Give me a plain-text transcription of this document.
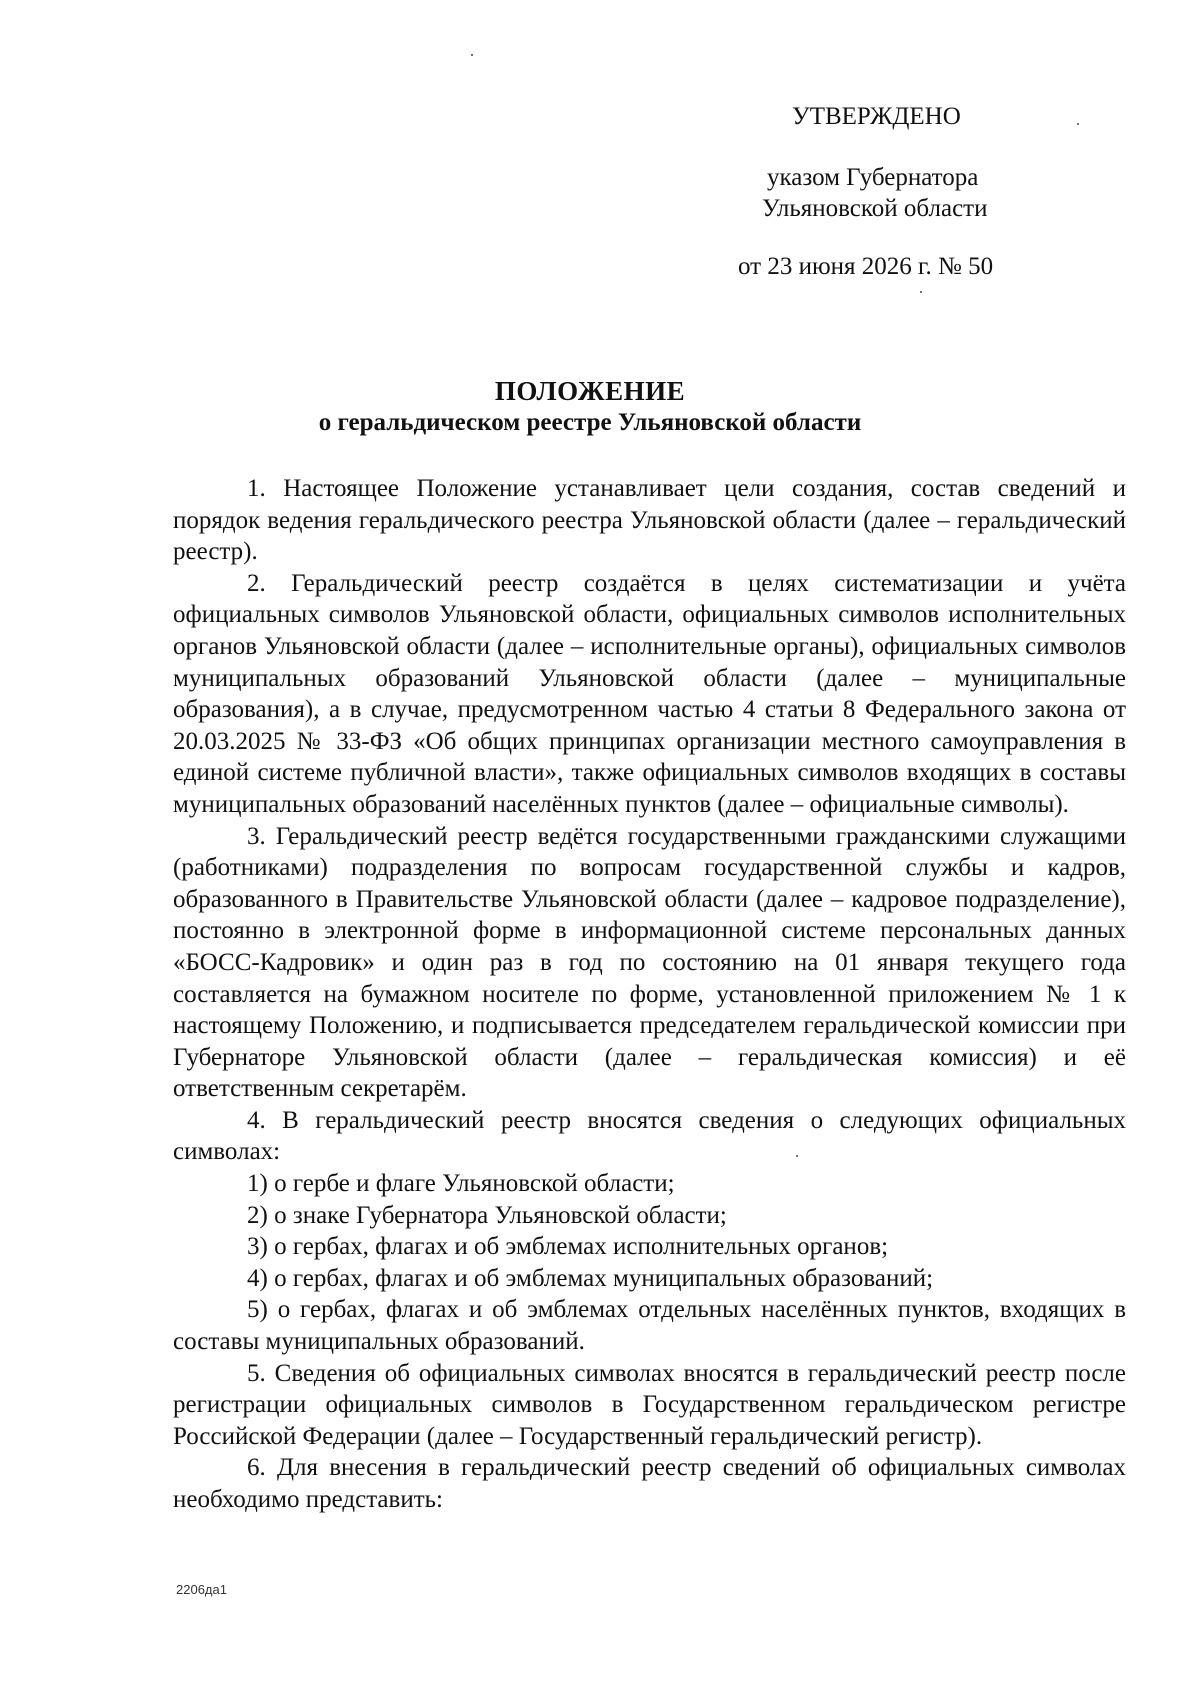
УТВЕРЖДЕНО
указом Губернатора
Ульяновской области
от 23 июня 2026 г. № 50
ПОЛОЖЕНИЕ
о геральдическом реестре Ульяновской области

1. Настоящее Положение устанавливает цели создания, состав сведений и порядок ведения геральдического реестра Ульяновской области (далее – геральдический реестр).

2. Геральдический реестр создаётся в целях систематизации и учёта официальных символов Ульяновской области, официальных символов исполнительных органов Ульяновской области (далее – исполнительные органы), официальных символов муниципальных образований Ульяновской области (далее – муниципальные образования), а в случае, предусмотренном частью 4 статьи 8 Федерального закона от 20.03.2025 № 33-ФЗ «Об общих принципах организации местного самоуправления в единой системе публичной власти», также официальных символов входящих в составы муниципальных образований населённых пунктов (далее – официальные символы).

3. Геральдический реестр ведётся государственными гражданскими служащими (работниками) подразделения по вопросам государственной службы и кадров, образованного в Правительстве Ульяновской области (далее – кадровое подразделение), постоянно в электронной форме в информационной системе персональных данных «БОСС-Кадровик» и один раз в год по состоянию на 01 января текущего года составляется на бумажном носителе по форме, установленной приложением № 1 к настоящему Положению, и подписывается председателем геральдической комиссии при Губернаторе Ульяновской области (далее – геральдическая комиссия) и её ответственным секретарём.

4. В геральдический реестр вносятся сведения о следующих официальных символах:

1) о гербе и флаге Ульяновской области;

2) о знаке Губернатора Ульяновской области;

3) о гербах, флагах и об эмблемах исполнительных органов;

4) о гербах, флагах и об эмблемах муниципальных образований;

5) о гербах, флагах и об эмблемах отдельных населённых пунктов, входящих в составы муниципальных образований.

5. Сведения об официальных символах вносятся в геральдический реестр после регистрации официальных символов в Государственном геральдическом регистре Российской Федерации (далее – Государственный геральдический регистр).

6. Для внесения в геральдический реестр сведений об официальных символах необходимо представить:

2206да1
